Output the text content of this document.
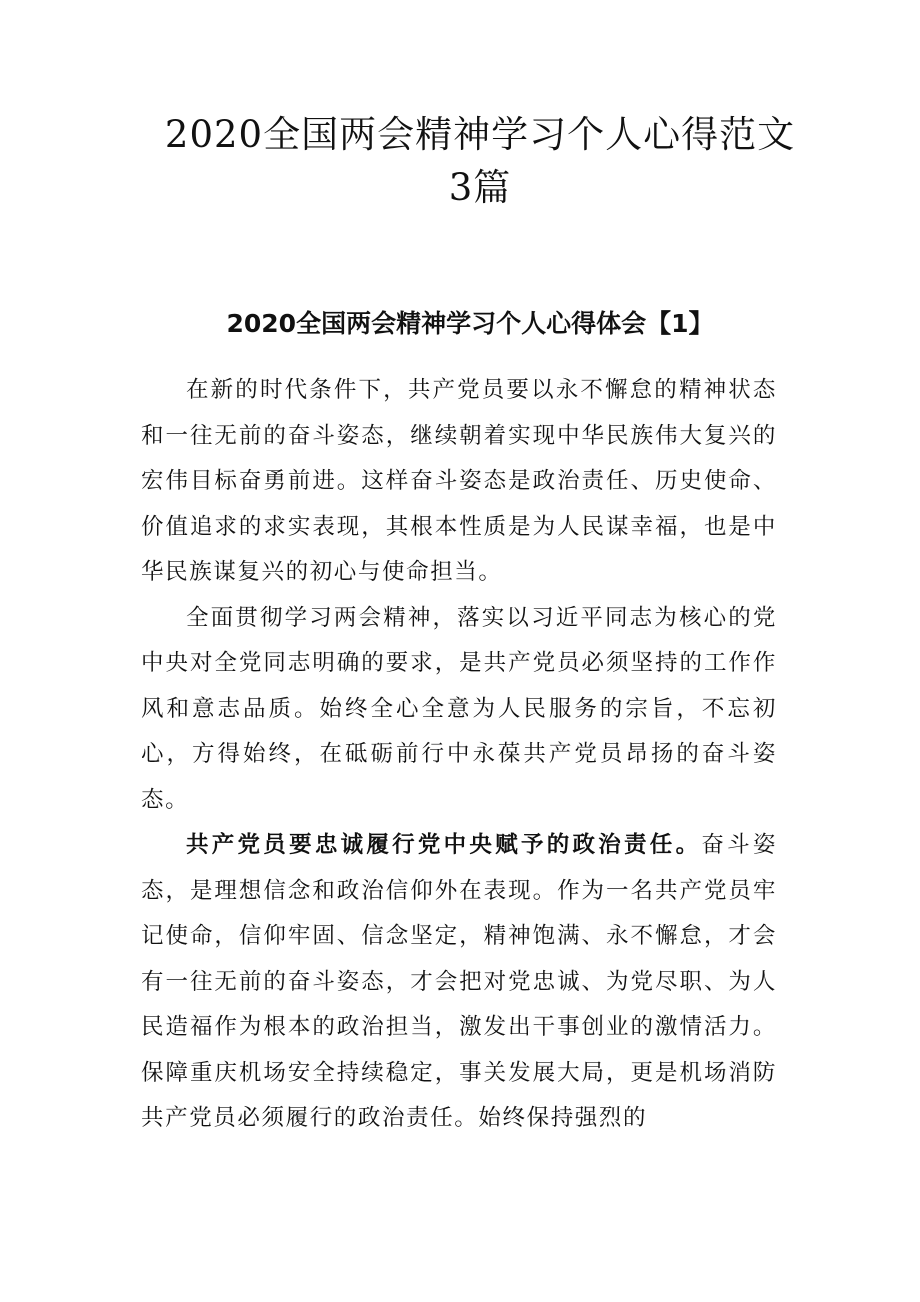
2020全国两会精神学习个人心得范文
3篇
2020全国两会精神学习个人心得体会【1】

在新的时代条件下，共产党员要以永不懈怠的精神状态和一往无前的奋斗姿态，继续朝着实现中华民族伟大复兴的宏伟目标奋勇前进。这样奋斗姿态是政治责任、历史使命、价值追求的求实表现，其根本性质是为人民谋幸福，也是中华民族谋复兴的初心与使命担当。

全面贯彻学习两会精神，落实以习近平同志为核心的党中央对全党同志明确的要求，是共产党员必须坚持的工作作风和意志品质。始终全心全意为人民服务的宗旨，不忘初心，方得始终，在砥砺前行中永葆共产党员昂扬的奋斗姿态。

共产党员要忠诚履行党中央赋予的政治责任。奋斗姿态，是理想信念和政治信仰外在表现。作为一名共产党员牢记使命，信仰牢固、信念坚定，精神饱满、永不懈怠，才会有一往无前的奋斗姿态，才会把对党忠诚、为党尽职、为人民造福作为根本的政治担当，激发出干事创业的激情活力。保障重庆机场安全持续稳定，事关发展大局，更是机场消防共产党员必须履行的政治责任。始终保持强烈的
